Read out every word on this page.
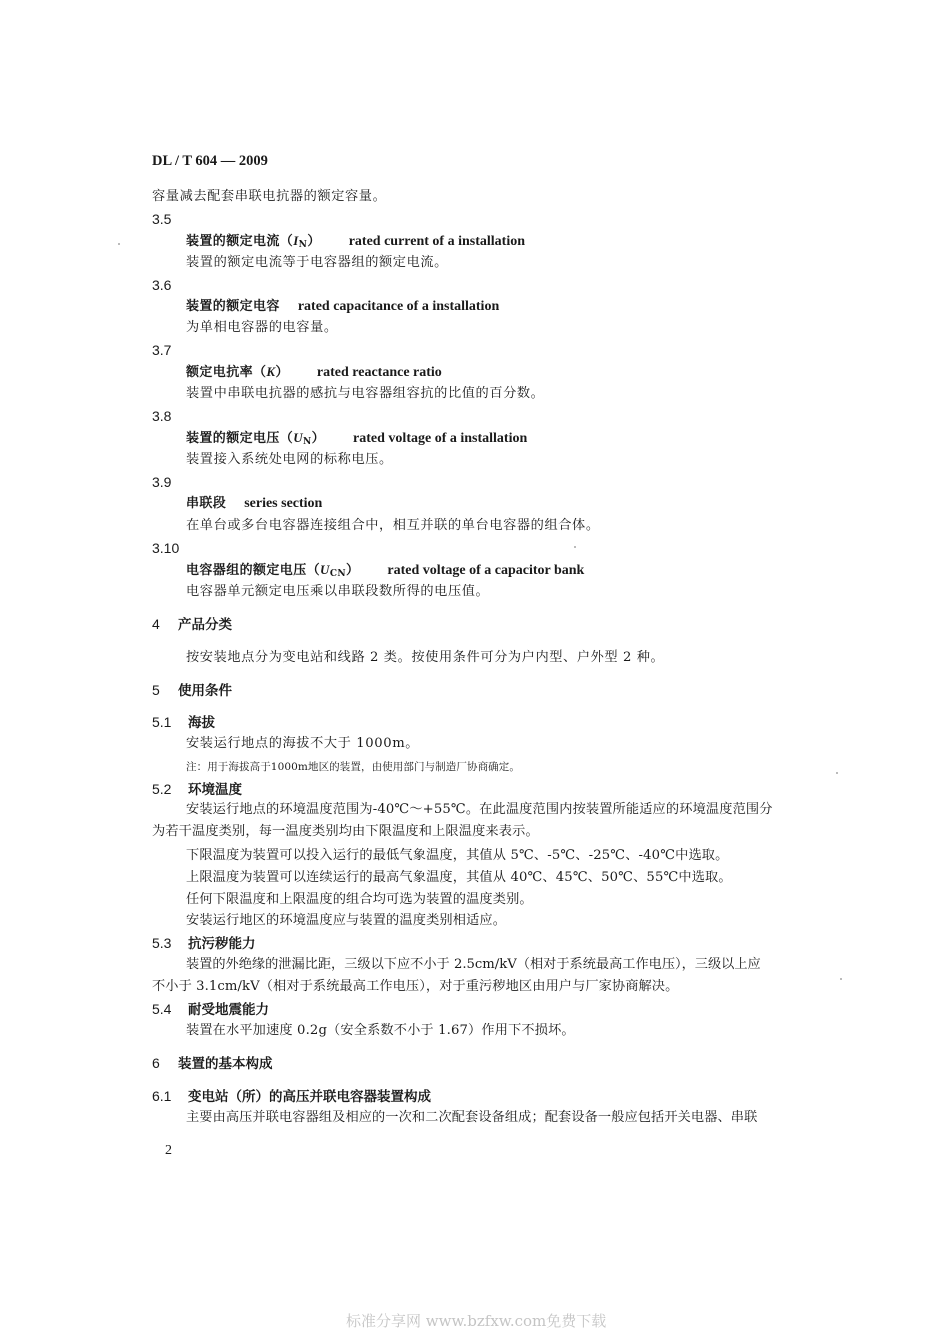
DL / T 604 — 2009
容量减去配套串联电抗器的额定容量。
3.5
装置的额定电流$(I_N)$ rated current of a installation
装置的额定电流等于电容器组的额定电流。
3.6
装置的额定电容 rated capacitance of a installation
为单相电容器的电容量。
3.7
额定电抗率（K） rated reactance ratio
装置中串联电抗器的感抗与电容器组容抗的比值的百分数。
3.8
装置的额定电压$(U_N)$ rated voltage of a installation
装置接入系统处电网的标称电压。
3.9
串联段 series section
在单台或多台电容器连接组合中，相互并联的单台电容器的组合体。
3.10
电容器组的额定电压$(U_{CN})$ rated voltage of a capacitor bank
电容器单元额定电压乘以串联段数所得的电压值。
4 产品分类
按安装地点分为变电站和线路 2 类。按使用条件可分为户内型、户外型 2 种。
5 使用条件
5.1 海拔
安装运行地点的海拔不大于 1000m。
注：用于海拔高于1000m地区的装置，由使用部门与制造厂协商确定。
5.2 环境温度
安装运行地点的环境温度范围为-40℃～+55℃。在此温度范围内按装置所能适应的环境温度范围分
为若干温度类别，每一温度类别均由下限温度和上限温度来表示。
下限温度为装置可以投入运行的最低气象温度，其值从 5℃、-5℃、-25℃、-40℃中选取。
上限温度为装置可以连续运行的最高气象温度，其值从 40℃、45℃、50℃、55℃中选取。
任何下限温度和上限温度的组合均可选为装置的温度类别。
安装运行地区的环境温度应与装置的温度类别相适应。
5.3 抗污秽能力
装置的外绝缘的泄漏比距，三级以下应不小于 2.5cm/kV（相对于系统最高工作电压），三级以上应
不小于 3.1cm/kV（相对于系统最高工作电压），对于重污秽地区由用户与厂家协商解决。
5.4 耐受地震能力
装置在水平加速度 0.2g（安全系数不小于 1.67）作用下不损坏。
6 装置的基本构成
6.1 变电站（所）的高压并联电容器装置构成
主要由高压并联电容器组及相应的一次和二次配套设备组成；配套设备一般应包括开关电器、串联
2
标准分享网 www.bzfxw.com免费下载
